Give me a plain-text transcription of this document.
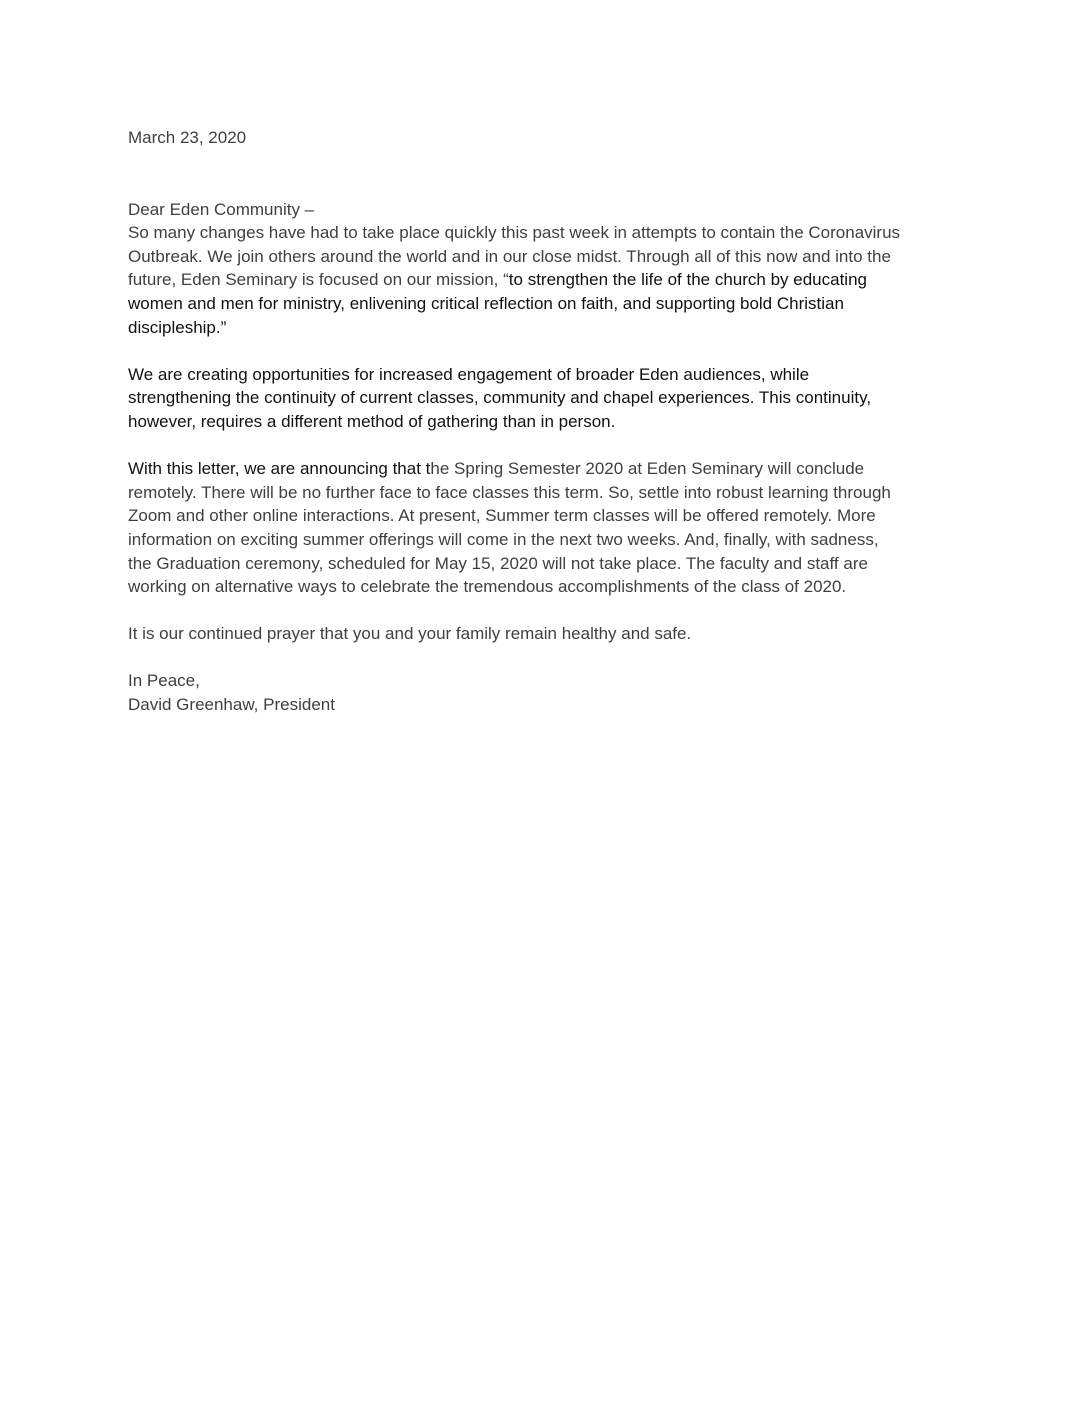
March 23, 2020
Dear Eden Community –
So many changes have had to take place quickly this past week in attempts to contain the Coronavirus
Outbreak. We join others around the world and in our close midst. Through all of this now and into the
future, Eden Seminary is focused on our mission, “to strengthen the life of the church by educating
women and men for ministry, enlivening critical reflection on faith, and supporting bold Christian
discipleship.”
We are creating opportunities for increased engagement of broader Eden audiences, while
strengthening the continuity of current classes, community and chapel experiences. This continuity,
however, requires a different method of gathering than in person.
With this letter, we are announcing that the Spring Semester 2020 at Eden Seminary will conclude
remotely. There will be no further face to face classes this term. So, settle into robust learning through
Zoom and other online interactions. At present, Summer term classes will be offered remotely. More
information on exciting summer offerings will come in the next two weeks. And, finally, with sadness,
the Graduation ceremony, scheduled for May 15, 2020 will not take place. The faculty and staff are
working on alternative ways to celebrate the tremendous accomplishments of the class of 2020.
It is our continued prayer that you and your family remain healthy and safe.
In Peace,
David Greenhaw, President
